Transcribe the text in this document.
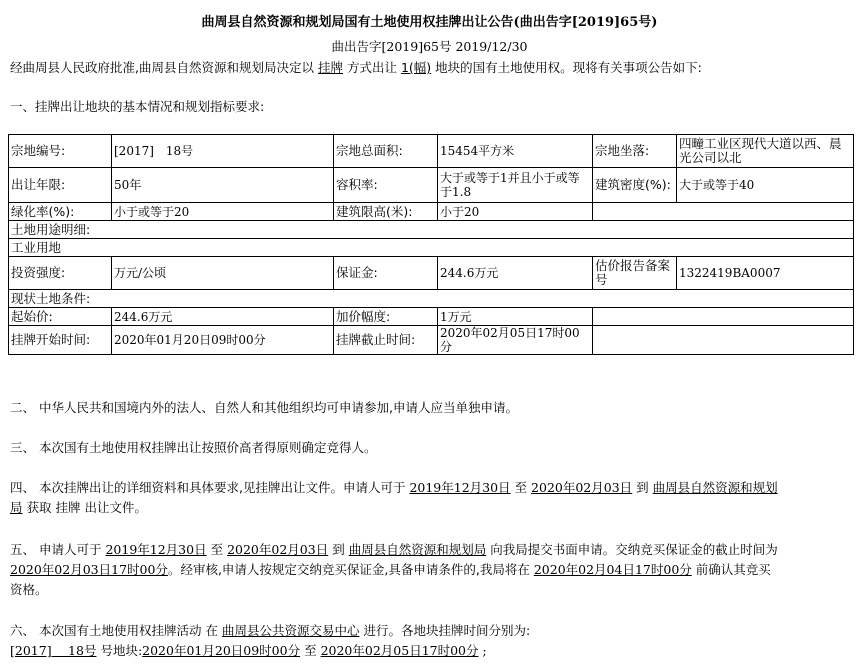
曲周县自然资源和规划局国有土地使用权挂牌出让公告(曲出告字[2019]65号)
曲出告字[2019]65号 2019/12/30
经曲周县人民政府批准,曲周县自然资源和规划局决定以 挂牌 方式出让 1(幅) 地块的国有土地使用权。现将有关事项公告如下:
一、挂牌出让地块的基本情况和规划指标要求:
宗地编号:	[2017]　18号	宗地总面积:	15454平方米	宗地坐落:	四疃工业区现代大道以西、晨光公司以北
出让年限:	50年	容积率:	大于或等于1并且小于或等于1.8	建筑密度(%):	大于或等于40
绿化率(%):	小于或等于20	建筑限高(米):	小于20		
土地用途明细:					
工业用地					
投资强度:	万元/公顷	保证金:	244.6万元	估价报告备案号	1322419BA0007
现状土地条件:					
起始价:	244.6万元	加价幅度:	1万元		
挂牌开始时间:	2020年01月20日09时00分	挂牌截止时间:	2020年02月05日17时00分		
二、 中华人民共和国境内外的法人、自然人和其他组织均可申请参加,申请人应当单独申请。
三、 本次国有土地使用权挂牌出让按照价高者得原则确定竞得人。
四、 本次挂牌出让的详细资料和具体要求,见挂牌出让文件。申请人可于 2019年12月30日 至 2020年02月03日 到 曲周县自然资源和规划
局 获取 挂牌 出让文件。
五、 申请人可于 2019年12月30日 至 2020年02月03日 到 曲周县自然资源和规划局 向我局提交书面申请。交纳竞买保证金的截止时间为
2020年02月03日17时00分。经审核,申请人按规定交纳竞买保证金,具备申请条件的,我局将在 2020年02月04日17时00分 前确认其竞买
资格。
六、 本次国有土地使用权挂牌活动 在 曲周县公共资源交易中心 进行。各地块挂牌时间分别为:
[2017]　 18号 号地块:2020年01月20日09时00分 至 2020年02月05日17时00分 ;
